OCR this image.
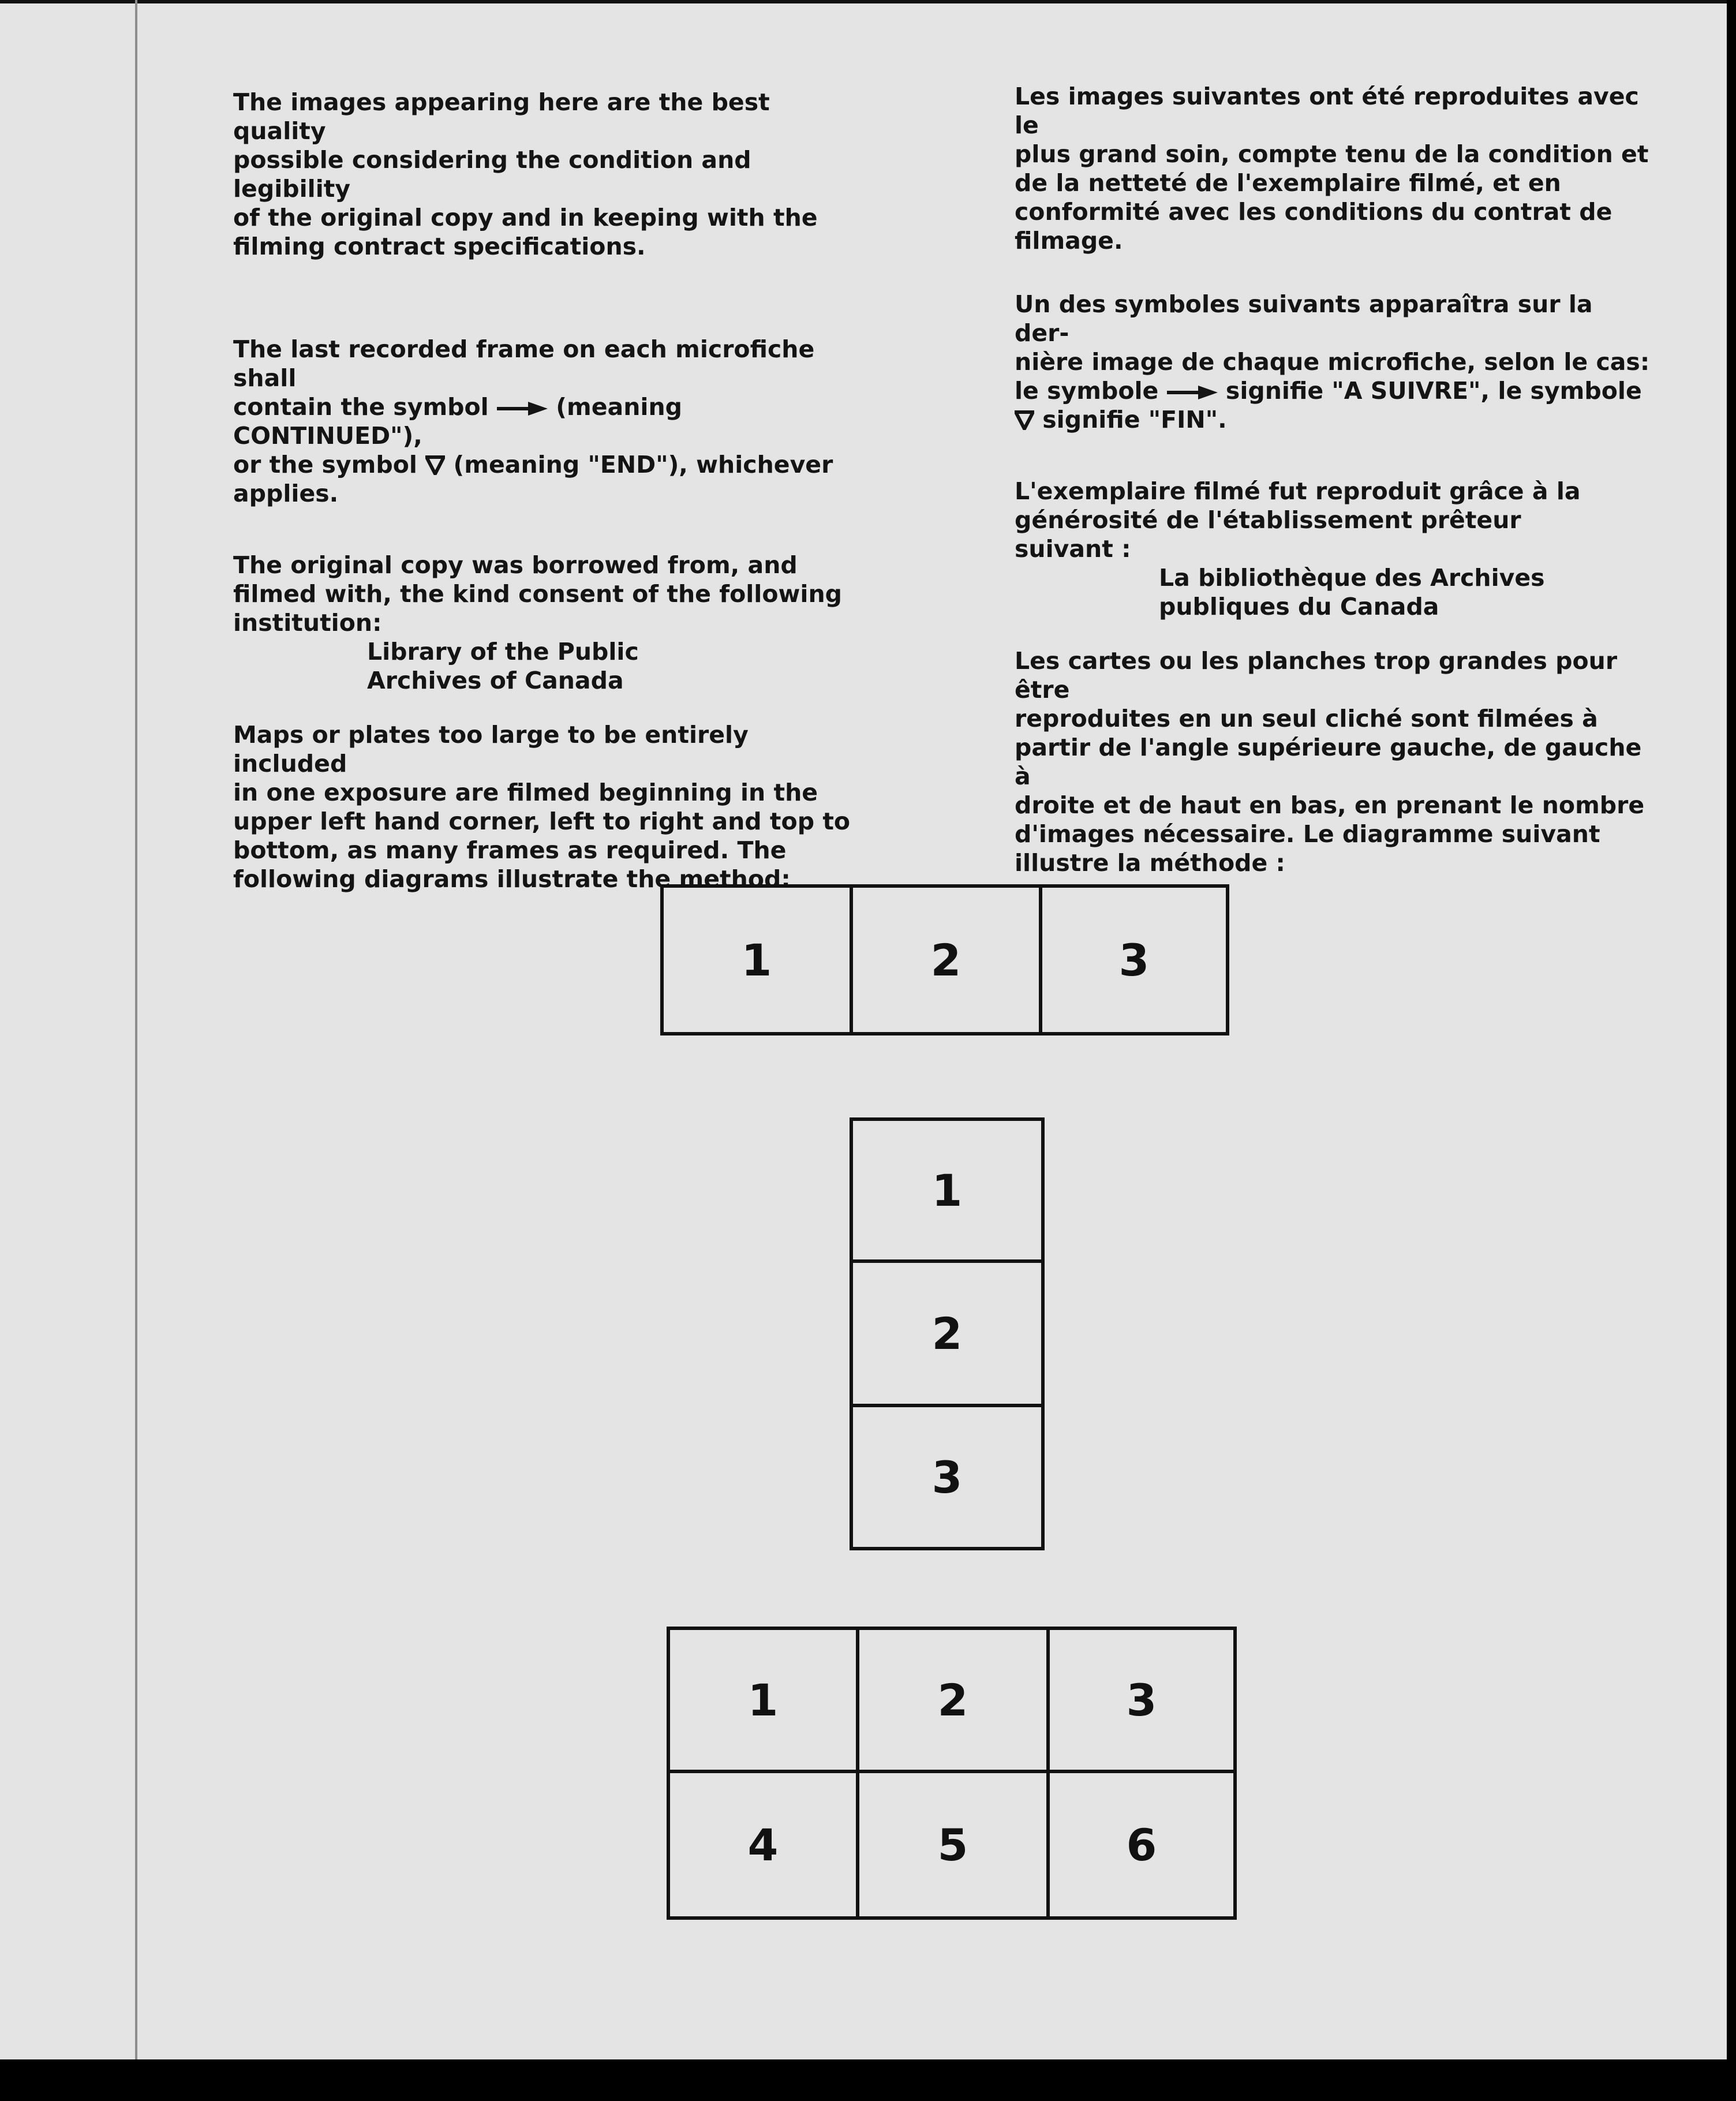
The images appearing here are the best quality
possible considering the condition and legibility
of the original copy and in keeping with the
filming contract specifications.

The last recorded frame on each microfiche shall
contain the symbol  (meaning CONTINUED"),
or the symbol  (meaning "END"), whichever
applies.

The original copy was borrowed from, and
filmed with, the kind consent of the following
institution:
Library of the Public
Archives of Canada

Maps or plates too large to be entirely included
in one exposure are filmed beginning in the
upper left hand corner, left to right and top to
bottom, as many frames as required. The
following diagrams illustrate the method:

Les images suivantes ont été reproduites avec le
plus grand soin, compte tenu de la condition et
de la netteté de l'exemplaire filmé, et en
conformité avec les conditions du contrat de
filmage.

Un des symboles suivants apparaîtra sur la der-
nière image de chaque microfiche, selon le cas:
le symbole  signifie "A SUIVRE", le symbole
signifie "FIN".

L'exemplaire filmé fut reproduit grâce à la
générosité de l'établissement prêteur
suivant :
La bibliothèque des Archives
publiques du Canada

Les cartes ou les planches trop grandes pour être
reproduites en un seul cliché sont filmées à
partir de l'angle supérieure gauche, de gauche à
droite et de haut en bas, en prenant le nombre
d'images nécessaire. Le diagramme suivant
illustre la méthode :

1	2	3
1
2
3
1	2	3
4	5	6
